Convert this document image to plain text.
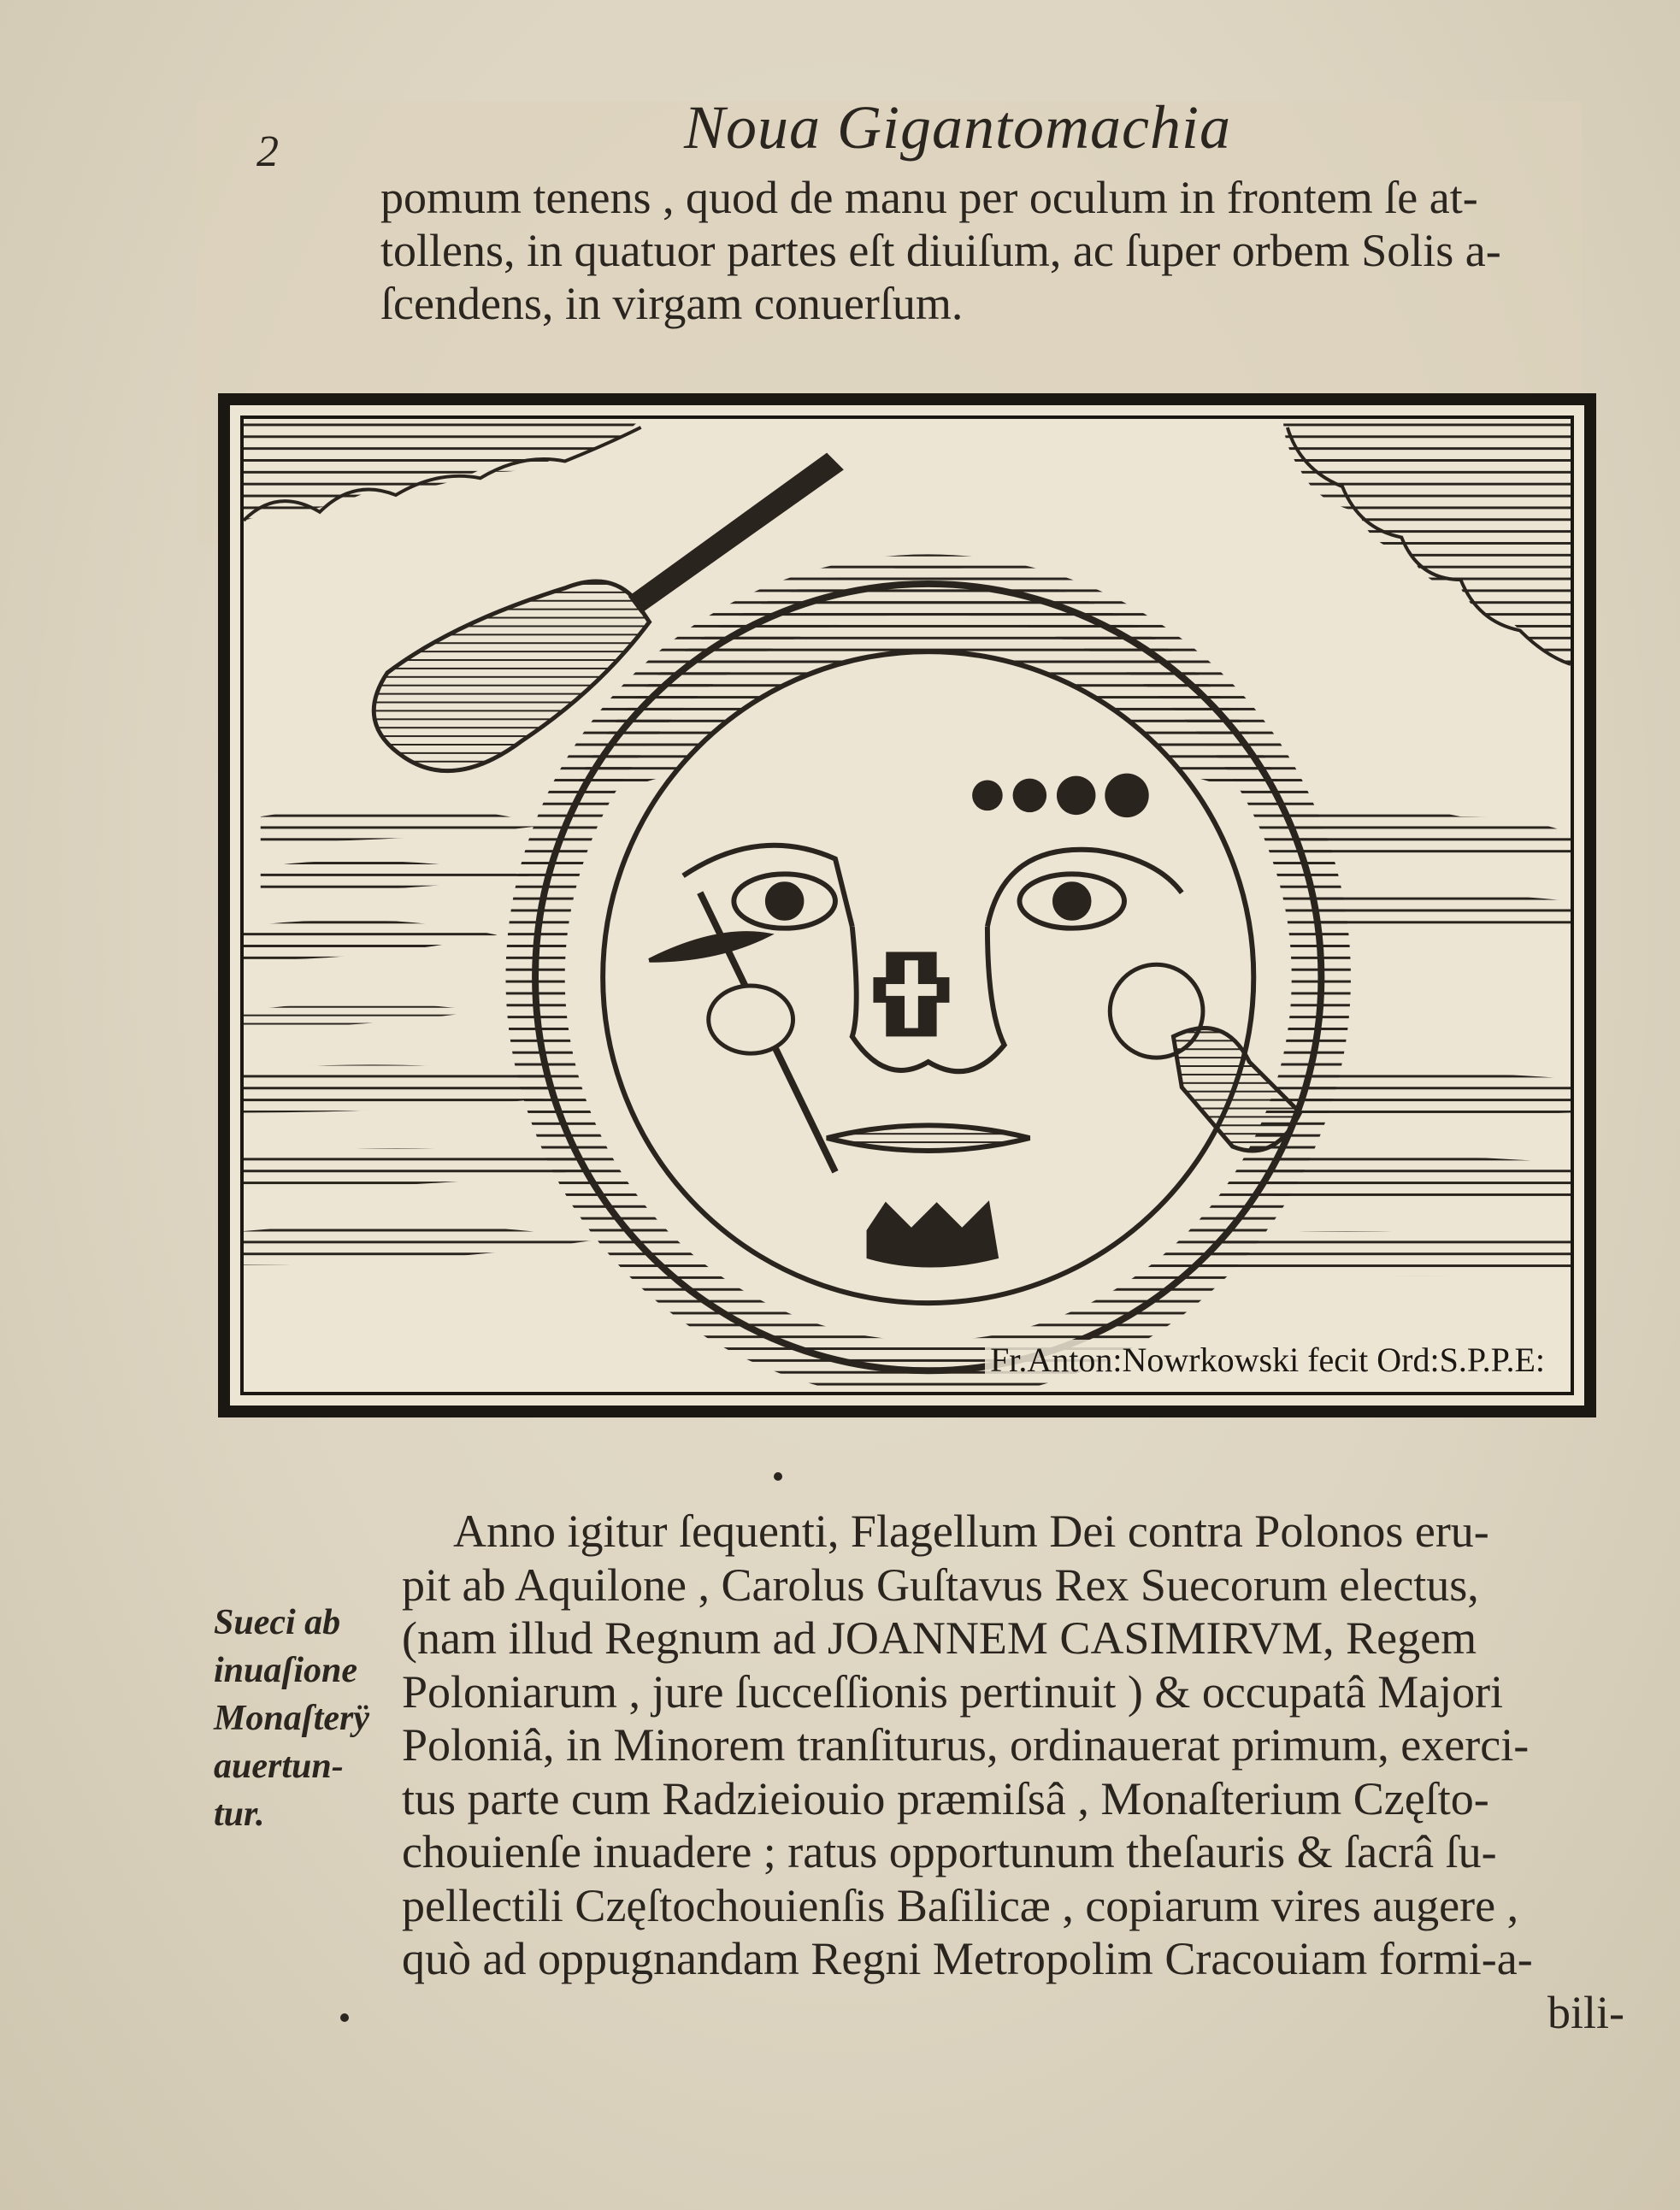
2	Noua Gigantomachia
pomum tenens , quod de manu per oculum in frontem ſe at-
tollens, in quatuor partes eſt diuiſum, ac ſuper orbem Solis a-
ſcendens, in virgam conuerſum.
Fr.Anton:Nowrkowski fecit Ord:S.P.P.E:
Sueci ab
inuaſione
Monaſterÿ
auertun-
tur.
Anno igitur ſequenti, Flagellum Dei contra Polonos eru-
pit ab Aquilone , Carolus Guſtavus Rex Suecorum electus,
(nam illud Regnum ad JOANNEM CASIMIRVM, Regem
Poloniarum , jure ſucceſſionis pertinuit ) & occupatâ Majori
Poloniâ, in Minorem tranſiturus, ordinauerat primum, exerci-
tus parte cum Radzieiouio præmiſsâ , Monaſterium Częſto-
chouienſe inuadere ; ratus opportunum theſauris & ſacrâ ſu-
pellectili Częſtochouienſis Baſilicæ , copiarum vires augere ,
quò ad oppugnandam Regni Metropolim Cracouiam formi-a-
bili-
